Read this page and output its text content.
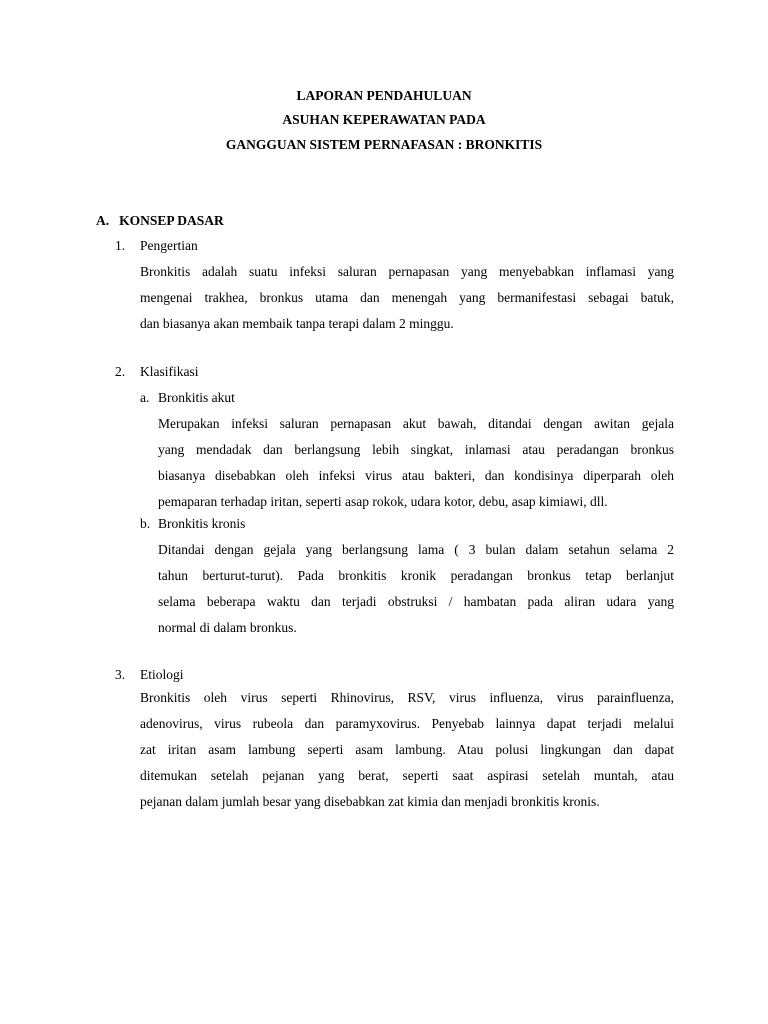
LAPORAN PENDAHULUAN
ASUHAN KEPERAWATAN PADA
GANGGUAN SISTEM PERNAFASAN : BRONKITIS
A. KONSEP DASAR
1. Pengertian
Bronkitis adalah suatu infeksi saluran pernapasan yang menyebabkan inflamasi yang
mengenai trakhea, bronkus utama dan menengah yang bermanifestasi sebagai batuk,
dan biasanya akan membaik tanpa terapi dalam 2 minggu.
2. Klasifikasi
a. Bronkitis akut
Merupakan infeksi saluran pernapasan akut bawah, ditandai dengan awitan gejala
yang mendadak dan berlangsung lebih singkat, inlamasi atau peradangan bronkus
biasanya disebabkan oleh infeksi virus atau bakteri, dan kondisinya diperparah oleh
pemaparan terhadap iritan, seperti asap rokok, udara kotor, debu, asap kimiawi, dll.
b. Bronkitis kronis
Ditandai dengan gejala yang berlangsung lama ( 3 bulan dalam setahun selama 2
tahun berturut-turut). Pada bronkitis kronik peradangan bronkus tetap berlanjut
selama beberapa waktu dan terjadi obstruksi / hambatan pada aliran udara yang
normal di dalam bronkus.
3. Etiologi
Bronkitis oleh virus seperti Rhinovirus, RSV, virus influenza, virus parainfluenza,
adenovirus, virus rubeola dan paramyxovirus. Penyebab lainnya dapat terjadi melalui
zat iritan asam lambung seperti asam lambung. Atau polusi lingkungan dan dapat
ditemukan setelah pejanan yang berat, seperti saat aspirasi setelah muntah, atau
pejanan dalam jumlah besar yang disebabkan zat kimia dan menjadi bronkitis kronis.
